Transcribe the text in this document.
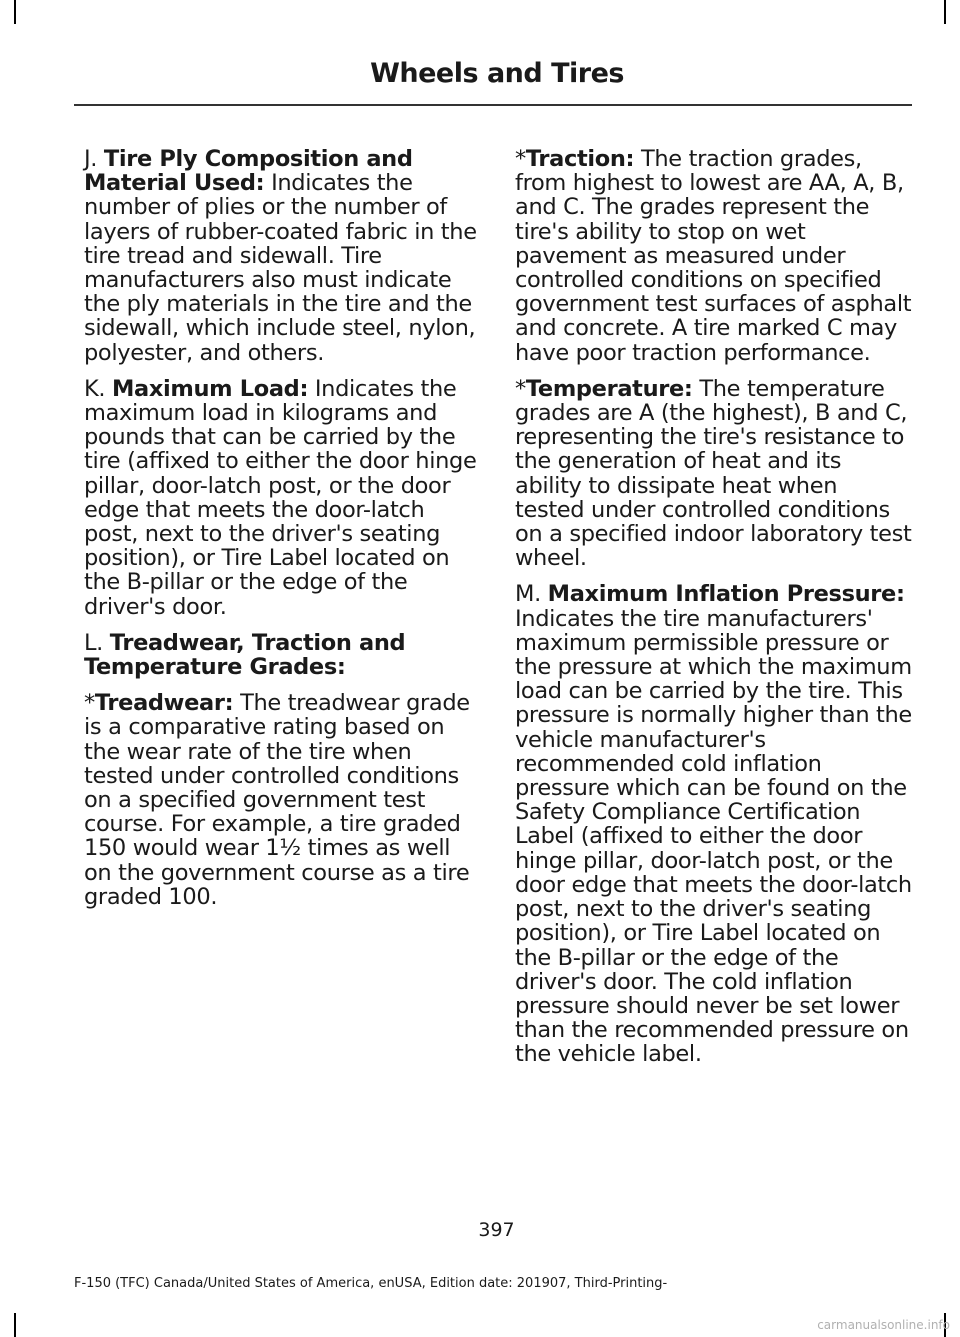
Wheels and Tires

J. Tire Ply Composition and Material Used: Indicates the number of plies or the number of layers of rubber-coated fabric in the tire tread and sidewall. Tire manufacturers also must indicate the ply materials in the tire and the sidewall, which include steel, nylon, polyester, and others.

K. Maximum Load: Indicates the maximum load in kilograms and pounds that can be carried by the tire (affixed to either the door hinge pillar, door-latch post, or the door edge that meets the door-latch post, next to the driver's seating position), or Tire Label located on the B-pillar or the edge of the driver's door.

L. Treadwear, Traction and Temperature Grades:

*Treadwear: The treadwear grade is a comparative rating based on the wear rate of the tire when tested under controlled conditions on a specified government test course. For example, a tire graded 150 would wear 1½ times as well on the government course as a tire graded 100.

*Traction: The traction grades, from highest to lowest are AA, A, B, and C. The grades represent the tire's ability to stop on wet pavement as measured under controlled conditions on specified government test surfaces of asphalt and concrete. A tire marked C may have poor traction performance.

*Temperature: The temperature grades are A (the highest), B and C, representing the tire's resistance to the generation of heat and its ability to dissipate heat when tested under controlled conditions on a specified indoor laboratory test wheel.

M. Maximum Inflation Pressure: Indicates the tire manufacturers' maximum permissible pressure or the pressure at which the maximum load can be carried by the tire. This pressure is normally higher than the vehicle manufacturer's recommended cold inflation pressure which can be found on the Safety Compliance Certification Label (affixed to either the door hinge pillar, door-latch post, or the door edge that meets the door-latch post, next to the driver's seating position), or Tire Label located on the B-pillar or the edge of the driver's door. The cold inflation pressure should never be set lower than the recommended pressure on the vehicle label.

397
F-150 (TFC) Canada/United States of America, enUSA, Edition date: 201907, Third-Printing-
carmanualsonline.info
